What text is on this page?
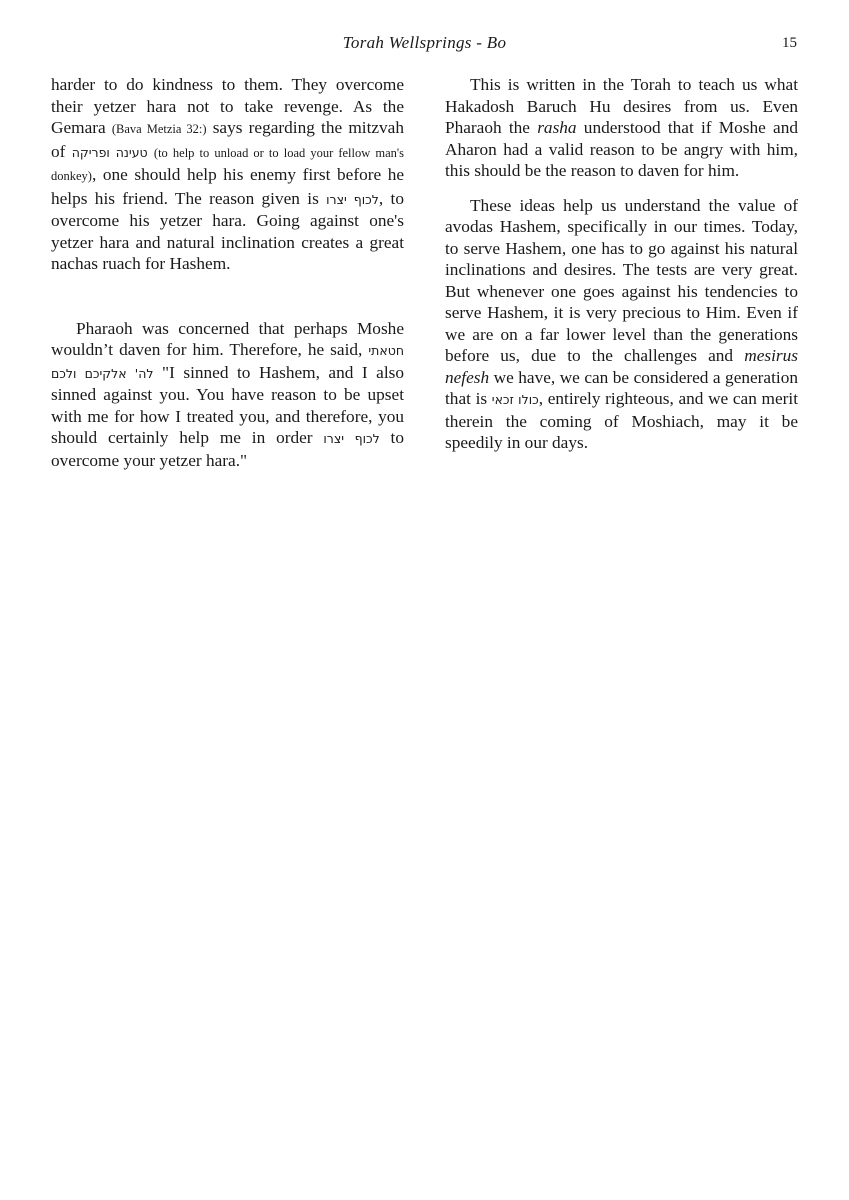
Torah Wellsprings - Bo	15

harder to do kindness to them. They overcome their yetzer hara not to take revenge. As the Gemara (Bava Metzia 32:) says regarding the mitzvah of טעינה ופריקה (to help to unload or to load your fellow man's donkey), one should help his enemy first before he helps his friend. The reason given is לכוף יצרו, to overcome his yetzer hara. Going against one's yetzer hara and natural inclination creates a great nachas ruach for Hashem.

Pharaoh was concerned that perhaps Moshe wouldn’t daven for him. Therefore, he said, חטאתי לה' אלקיכם ולכם "I sinned to Hashem, and I also sinned against you. You have reason to be upset with me for how I treated you, and therefore, you should certainly help me in order לכוף יצרו to overcome your yetzer hara."

This is written in the Torah to teach us what Hakadosh Baruch Hu desires from us. Even Pharaoh the rasha understood that if Moshe and Aharon had a valid reason to be angry with him, this should be the reason to daven for him.

These ideas help us understand the value of avodas Hashem, specifically in our times. Today, to serve Hashem, one has to go against his natural inclinations and desires. The tests are very great. But whenever one goes against his tendencies to serve Hashem, it is very precious to Him. Even if we are on a far lower level than the generations before us, due to the challenges and mesirus nefesh we have, we can be considered a generation that is כולו זכאי, entirely righteous, and we can merit therein the coming of Moshiach, may it be speedily in our days.
